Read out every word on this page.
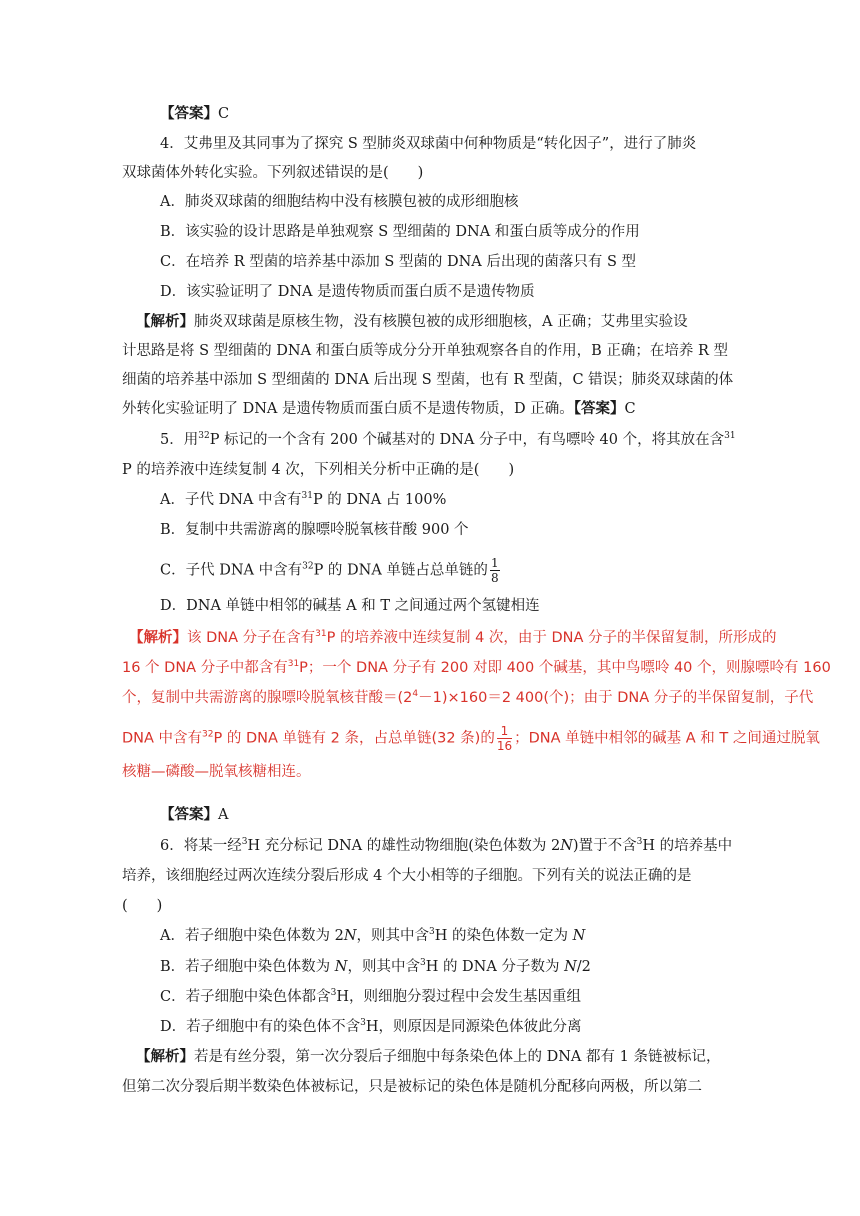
【答案】C

4．艾弗里及其同事为了探究 S 型肺炎双球菌中何种物质是“转化因子”，进行了肺炎

双球菌体外转化实验。下列叙述错误的是(　　)

A．肺炎双球菌的细胞结构中没有核膜包被的成形细胞核

B．该实验的设计思路是单独观察 S 型细菌的 DNA 和蛋白质等成分的作用

C．在培养 R 型菌的培养基中添加 S 型菌的 DNA 后出现的菌落只有 S 型

D．该实验证明了 DNA 是遗传物质而蛋白质不是遗传物质

【解析】肺炎双球菌是原核生物，没有核膜包被的成形细胞核，A 正确；艾弗里实验设

计思路是将 S 型细菌的 DNA 和蛋白质等成分分开单独观察各自的作用，B 正确；在培养 R 型

细菌的培养基中添加 S 型细菌的 DNA 后出现 S 型菌，也有 R 型菌，C 错误；肺炎双球菌的体

外转化实验证明了 DNA 是遗传物质而蛋白质不是遗传物质，D 正确。【答案】C

5．用$^{32}$P 标记的一个含有 200 个碱基对的 DNA 分子中，有鸟嘌呤 40 个，将其放在含$^{31}$

P 的培养液中连续复制 4 次，下列相关分析中正确的是(　　)

A．子代 DNA 中含有$^{31}$P 的 DNA 占 100%

B．复制中共需游离的腺嘌呤脱氧核苷酸 900 个

C．子代 DNA 中含有$^{32}$P 的 DNA 单链占总单链的 $\frac{1}{8}$

D．DNA 单链中相邻的碱基 A 和 T 之间通过两个氢键相连

【解析】该 DNA 分子在含有$^{31}$P 的培养液中连续复制 4 次，由于 DNA 分子的半保留复制，所形成的

16 个 DNA 分子中都含有$^{31}$P；一个 DNA 分子有 200 对即 400 个碱基，其中鸟嘌呤 40 个，则腺嘌呤有 160

个，复制中共需游离的腺嘌呤脱氧核苷酸$=(2^4-1)\times 160=2$ 400(个)；由于 DNA 分子的半保留复制，子代

DNA 中含有$^{32}$P 的 DNA 单链有 2 条，占总单链(32 条)的 $\frac{1}{16}$ ；DNA 单链中相邻的碱基 A 和 T 之间通过脱氧

核糖—磷酸—脱氧核糖相连。

【答案】A

6．将某一经$^3$H 充分标记 DNA 的雄性动物细胞(染色体数为 2N)置于不含$^3$H 的培养基中

培养，该细胞经过两次连续分裂后形成 4 个大小相等的子细胞。下列有关的说法正确的是

(　　)

A．若子细胞中染色体数为 2N，则其中含$^3$H 的染色体数一定为 N

B．若子细胞中染色体数为 N，则其中含$^3$H 的 DNA 分子数为 N/2

C．若子细胞中染色体都含$^3$H，则细胞分裂过程中会发生基因重组

D．若子细胞中有的染色体不含$^3$H，则原因是同源染色体彼此分离

【解析】若是有丝分裂，第一次分裂后子细胞中每条染色体上的 DNA 都有 1 条链被标记，

但第二次分裂后期半数染色体被标记，只是被标记的染色体是随机分配移向两极，所以第二
